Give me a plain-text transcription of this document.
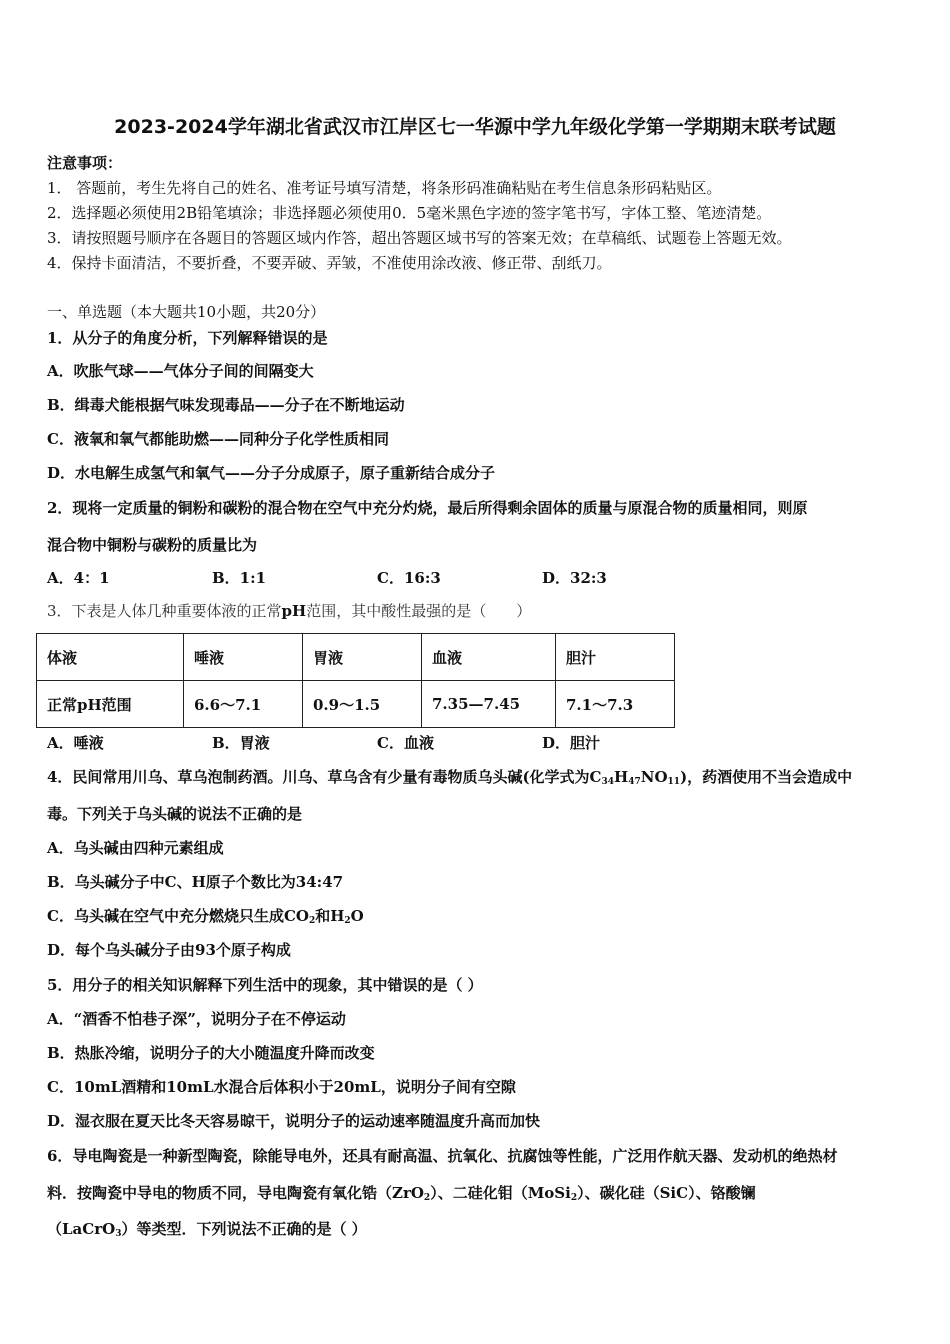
2023-2024学年湖北省武汉市江岸区七一华源中学九年级化学第一学期期末联考试题
注意事项：
1． 答题前，考生先将自己的姓名、准考证号填写清楚，将条形码准确粘贴在考生信息条形码粘贴区。
2．选择题必须使用2B铅笔填涂；非选择题必须使用0．5毫米黑色字迹的签字笔书写，字体工整、笔迹清楚。
3．请按照题号顺序在各题目的答题区域内作答，超出答题区域书写的答案无效；在草稿纸、试题卷上答题无效。
4．保持卡面清洁，不要折叠，不要弄破、弄皱，不准使用涂改液、修正带、刮纸刀。
一、单选题（本大题共10小题，共20分）
1．从分子的角度分析，下列解释错误的是
A．吹胀气球——气体分子间的间隔变大
B．缉毒犬能根据气味发现毒品——分子在不断地运动
C．液氧和氧气都能助燃——同种分子化学性质相同
D．水电解生成氢气和氧气——分子分成原子，原子重新结合成分子
2．现将一定质量的铜粉和碳粉的混合物在空气中充分灼烧，最后所得剩余固体的质量与原混合物的质量相同，则原
混合物中铜粉与碳粉的质量比为
A．4：1	B．1:1	C．16:3	D．32:3
3．下表是人体几种重要体液的正常pH范围，其中酸性最强的是（　　）
体液	唾液	胃液	血液	胆汁
正常pH范围	6.6～7.1	0.9～1.5	7.35—7.45	7.1～7.3
A．唾液	B．胃液	C．血液	D．胆汁
4．民间常用川乌、草乌泡制药酒。川乌、草乌含有少量有毒物质乌头碱(化学式为$C_{34}H_{47}NO_{11}$)，药酒使用不当会造成中
毒。下列关于乌头碱的说法不正确的是
A．乌头碱由四种元素组成
B．乌头碱分子中C、H原子个数比为34:47
C．乌头碱在空气中充分燃烧只生成$CO_2$和$H_2O$
D．每个乌头碱分子由93个原子构成
5．用分子的相关知识解释下列生活中的现象，其中错误的是（ ）
A．“酒香不怕巷子深”，说明分子在不停运动
B．热胀冷缩，说明分子的大小随温度升降而改变
C．10mL酒精和10mL水混合后体积小于20mL，说明分子间有空隙
D．湿衣服在夏天比冬天容易晾干，说明分子的运动速率随温度升高而加快
6．导电陶瓷是一种新型陶瓷，除能导电外，还具有耐高温、抗氧化、抗腐蚀等性能，广泛用作航天器、发动机的绝热材
料．按陶瓷中导电的物质不同，导电陶瓷有氧化锆（ZrO$_2$）、二硅化钼（MoSi$_2$）、碳化硅（SiC）、铬酸镧
（LaCrO$_3$）等类型．下列说法不正确的是（ ）
